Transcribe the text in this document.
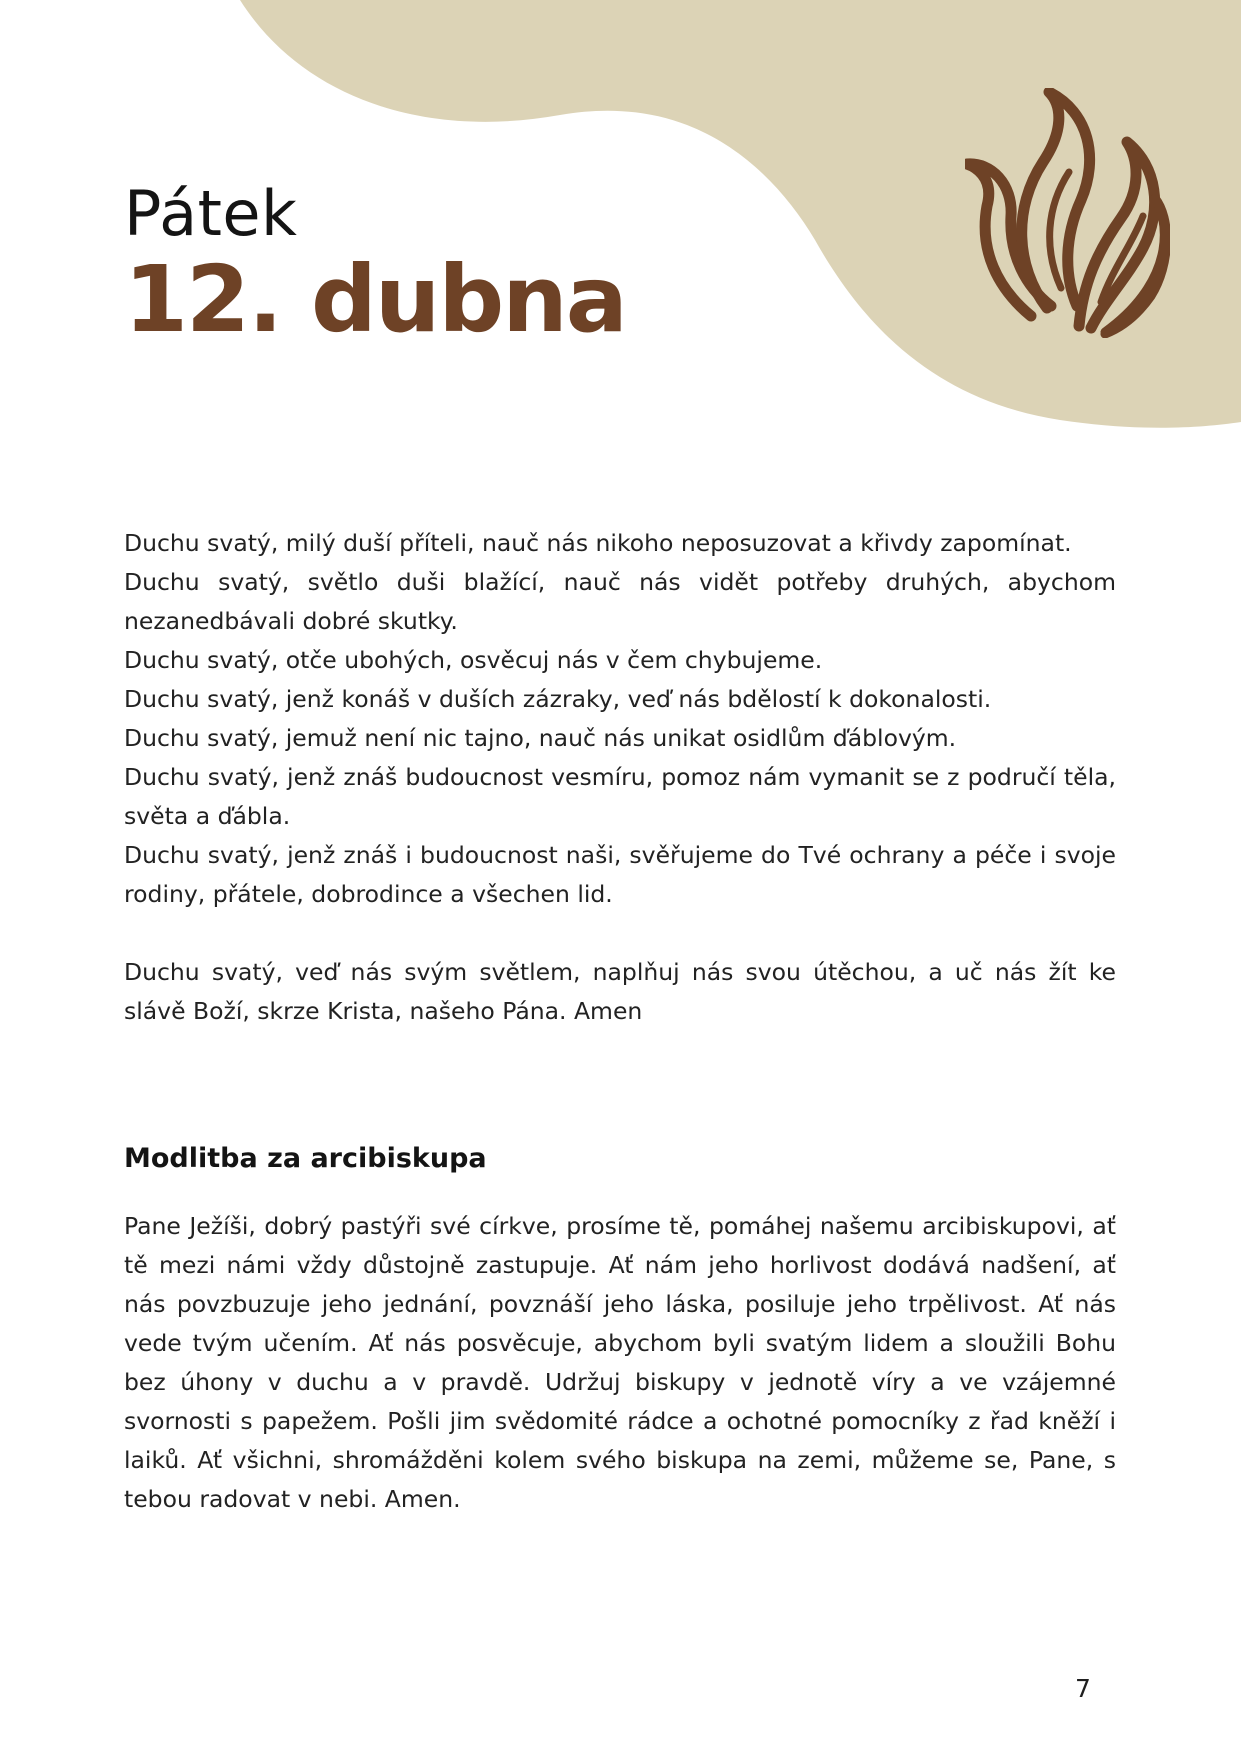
Pátek
12. dubna

Duchu svatý, milý duší příteli, nauč nás nikoho neposuzovat a křivdy zapomínat.

Duchu svatý, světlo duši blažící, nauč nás vidět potřeby druhých, abychom nezanedbávali dobré skutky.

Duchu svatý, otče ubohých, osvěcuj nás v čem chybujeme.

Duchu svatý, jenž konáš v duších zázraky, veď nás bdělostí k dokonalosti.

Duchu svatý, jemuž není nic tajno, nauč nás unikat osidlům ďáblovým.

Duchu svatý, jenž znáš budoucnost vesmíru, pomoz nám vymanit se z područí těla, světa a ďábla.

Duchu svatý, jenž znáš i budoucnost naši, svěřujeme do Tvé ochrany a péče i svoje rodiny, přátele, dobrodince a všechen lid.

Duchu svatý, veď nás svým světlem, naplňuj nás svou útěchou, a uč nás žít ke slávě Boží, skrze Krista, našeho Pána. Amen

Modlitba za arcibiskupa

Pane Ježíši, dobrý pastýři své církve, prosíme tě, pomáhej našemu arcibiskupovi, ať tě mezi námi vždy důstojně zastupuje. Ať nám jeho horlivost dodává nadšení, ať nás povzbuzuje jeho jednání, povznáší jeho láska, posiluje jeho trpělivost. Ať nás vede tvým učením. Ať nás posvěcuje, abychom byli svatým lidem a sloužili Bohu bez úhony v duchu a v pravdě. Udržuj biskupy v jednotě víry a ve vzájemné svornosti s papežem. Pošli jim svědomité rádce a ochotné pomocníky z řad kněží i laiků. Ať všichni, shromážděni kolem svého biskupa na zemi, můžeme se, Pane, s tebou radovat v nebi. Amen.

7
